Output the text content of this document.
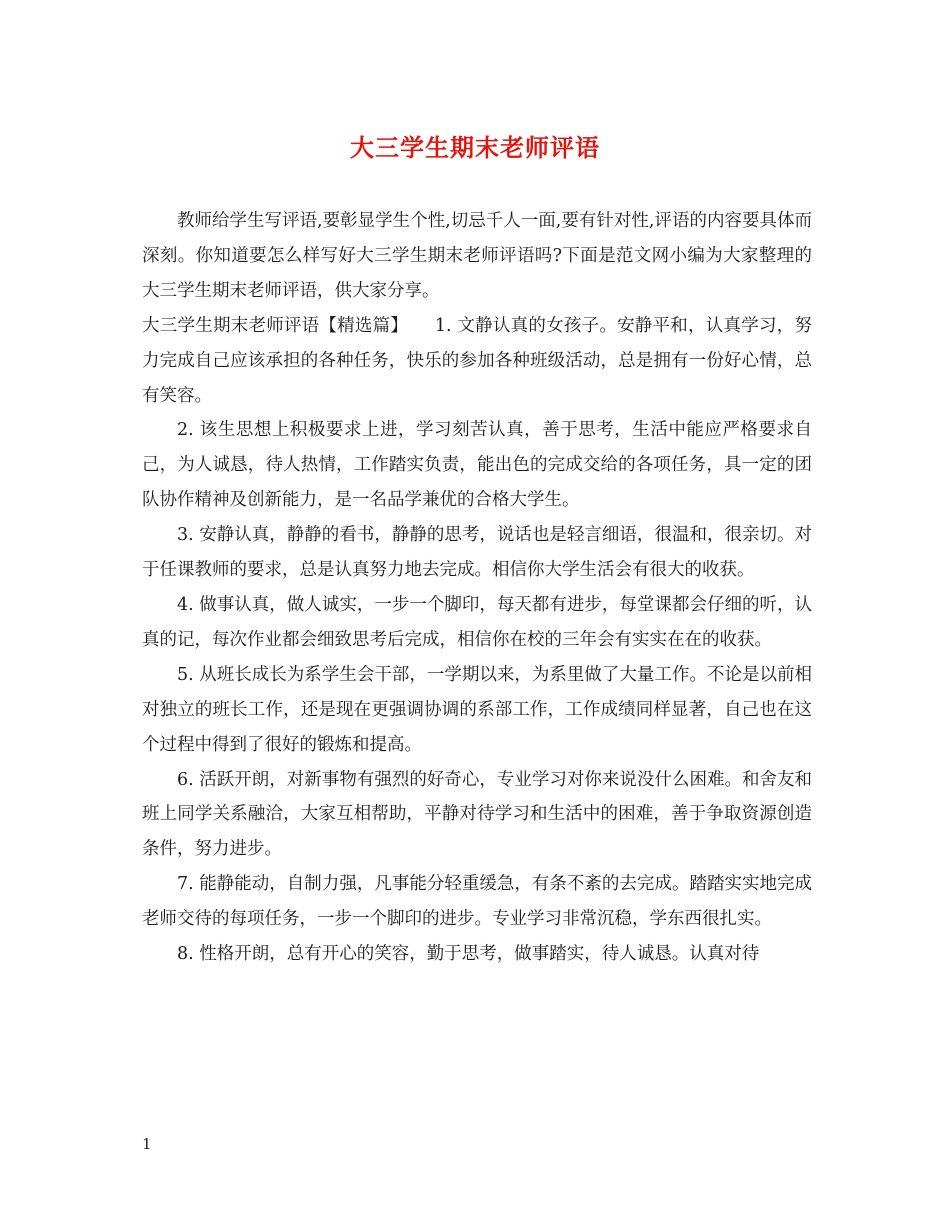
大三学生期末老师评语

教师给学生写评语,要彰显学生个性,切忌千人一面,要有针对性,评语的内容要具体而深刻。你知道要怎么样写好大三学生期末老师评语吗?下面是范文网小编为大家整理的大三学生期末老师评语，供大家分享。

大三学生期末老师评语【精选篇】　　1. 文静认真的女孩子。安静平和，认真学习，努力完成自己应该承担的各种任务，快乐的参加各种班级活动，总是拥有一份好心情，总有笑容。

2. 该生思想上积极要求上进，学习刻苦认真，善于思考，生活中能应严格要求自己，为人诚恳，待人热情，工作踏实负责，能出色的完成交给的各项任务，具一定的团队协作精神及创新能力，是一名品学兼优的合格大学生。

3. 安静认真，静静的看书，静静的思考，说话也是轻言细语，很温和，很亲切。对于任课教师的要求，总是认真努力地去完成。相信你大学生活会有很大的收获。

4. 做事认真，做人诚实，一步一个脚印，每天都有进步，每堂课都会仔细的听，认真的记，每次作业都会细致思考后完成，相信你在校的三年会有实实在在的收获。

5. 从班长成长为系学生会干部，一学期以来，为系里做了大量工作。不论是以前相对独立的班长工作，还是现在更强调协调的系部工作，工作成绩同样显著，自己也在这个过程中得到了很好的锻炼和提高。

6. 活跃开朗，对新事物有强烈的好奇心，专业学习对你来说没什么困难。和舍友和班上同学关系融洽，大家互相帮助，平静对待学习和生活中的困难，善于争取资源创造条件，努力进步。

7. 能静能动，自制力强，凡事能分轻重缓急，有条不紊的去完成。踏踏实实地完成老师交待的每项任务，一步一个脚印的进步。专业学习非常沉稳，学东西很扎实。

8. 性格开朗，总有开心的笑容，勤于思考，做事踏实，待人诚恳。认真对待

1
